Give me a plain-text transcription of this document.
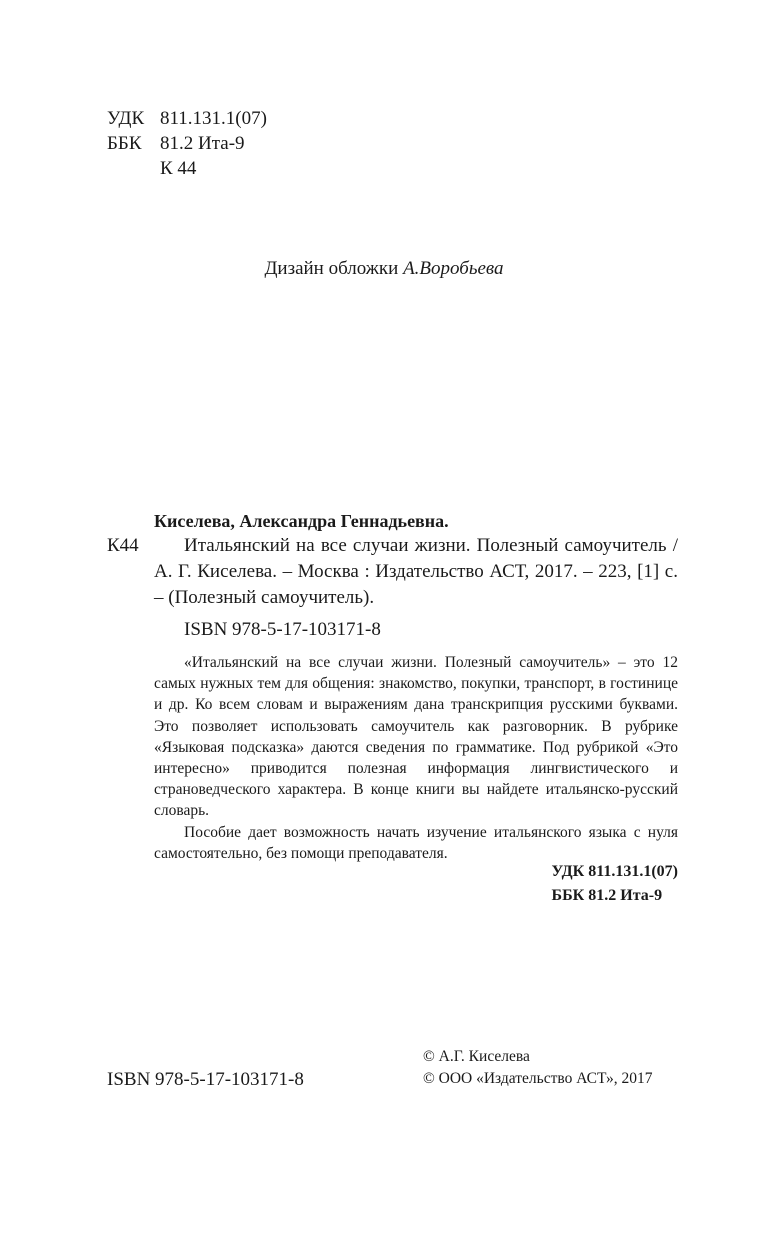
УДК 811.131.1(07)
ББК 81.2 Ита-9
К 44
Дизайн обложки А.Воробьева
Киселева, Александра Геннадьевна.
К44	Итальянский на все случаи жизни. Полезный самоучитель / А. Г. Киселева. – Москва : Издательство АСТ, 2017. – 223, [1] с. – (Полезный самоучитель).

ISBN 978-5-17-103171-8

«Итальянский на все случаи жизни. Полезный самоучитель» – это 12 самых нужных тем для общения: знакомство, покупки, транспорт, в гостинице и др. Ко всем словам и выражениям дана транскрипция русскими буквами. Это позволяет использовать самоучитель как разговорник. В рубрике «Языковая подсказка» даются сведения по грамматике. Под рубрикой «Это интересно» приводится полезная информация лингвистического и страноведческого характера. В конце книги вы найдете итальянско-русский словарь.

Пособие дает возможность начать изучение итальянского языка с нуля самостоятельно, без помощи преподавателя.

УДК 811.131.1(07)
ББК 81.2 Ита-9
ISBN 978-5-17-103171-8
© А.Г. Киселева
© ООО «Издательство АСТ», 2017
